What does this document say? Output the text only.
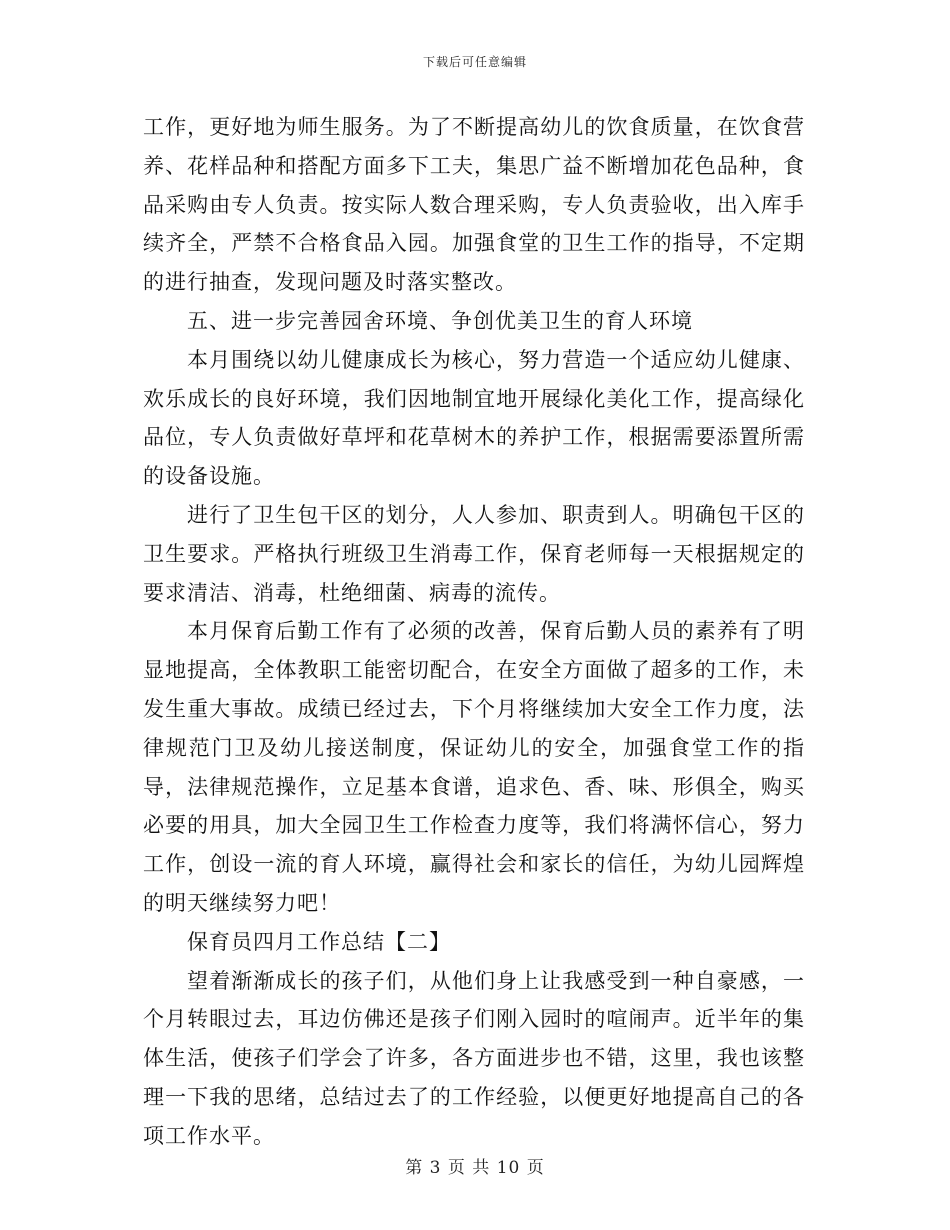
下载后可任意编辑

工作，更好地为师生服务。为了不断提高幼儿的饮食质量，在饮食营养、花样品种和搭配方面多下工夫，集思广益不断增加花色品种，食品采购由专人负责。按实际人数合理采购，专人负责验收，出入库手续齐全，严禁不合格食品入园。加强食堂的卫生工作的指导，不定期的进行抽查，发现问题及时落实整改。

五、进一步完善园舍环境、争创优美卫生的育人环境

本月围绕以幼儿健康成长为核心，努力营造一个适应幼儿健康、欢乐成长的良好环境，我们因地制宜地开展绿化美化工作，提高绿化品位，专人负责做好草坪和花草树木的养护工作，根据需要添置所需的设备设施。

进行了卫生包干区的划分，人人参加、职责到人。明确包干区的卫生要求。严格执行班级卫生消毒工作，保育老师每一天根据规定的要求清洁、消毒，杜绝细菌、病毒的流传。

本月保育后勤工作有了必须的改善，保育后勤人员的素养有了明显地提高，全体教职工能密切配合，在安全方面做了超多的工作，未发生重大事故。成绩已经过去，下个月将继续加大安全工作力度，法律规范门卫及幼儿接送制度，保证幼儿的安全，加强食堂工作的指导，法律规范操作，立足基本食谱，追求色、香、味、形俱全，购买必要的用具，加大全园卫生工作检查力度等，我们将满怀信心，努力工作，创设一流的育人环境，赢得社会和家长的信任，为幼儿园辉煌的明天继续努力吧！

保育员四月工作总结【二】

望着渐渐成长的孩子们，从他们身上让我感受到一种自豪感，一个月转眼过去，耳边仿佛还是孩子们刚入园时的喧闹声。近半年的集体生活，使孩子们学会了许多，各方面进步也不错，这里，我也该整理一下我的思绪，总结过去了的工作经验，以便更好地提高自己的各项工作水平。

第 3 页 共 10 页
